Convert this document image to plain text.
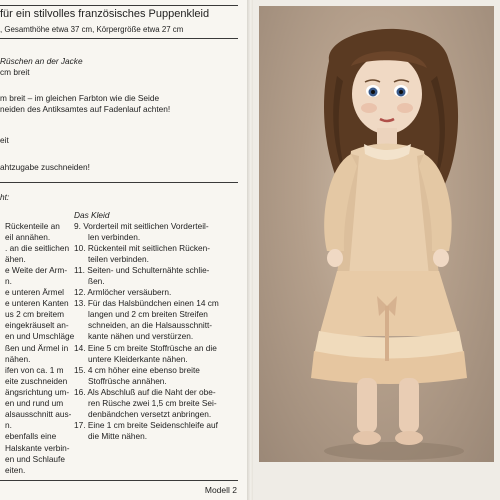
für ein stilvolles französisches Puppenkleid
, Gesamthöhe etwa 37 cm, Körpergröße etwa 27 cm
Rüschen an der Jacke
cm breit
m breit – im gleichen Farbton wie die Seide
neiden des Antiksamtes auf Fadenlauf achten!
eit
ahtzugabe zuschneiden!
ht:
Rückenteile an
eil annähen.
. an die seitlichen
ähen.
e Weite der Arm-
n.
e unteren Ärmel
e unteren Kanten
us 2 cm breitem
eingekräuselt an-
en und Umschläge
ßen und Ärmel in
nähen.
ifen von ca. 1 m
eite zuschneiden
ängsrichtung um-
en und rund um
alsausschnitt aus-
n.
ebenfalls eine
Halskante verbin-
en und Schlaufe
eiten.
Das Kleid
9. Vorderteil mit seitlichen Vorderteil-
len verbinden.
10. Rückenteil mit seitlichen Rücken-
teilen verbinden.
11. Seiten- und Schulternähte schlie-
ßen.
12. Armlöcher versäubern.
13. Für das Halsbündchen einen 14 cm
langen und 2 cm breiten Streifen
schneiden, an die Halsausschnitt-
kante nähen und verstürzen.
14. Eine 5 cm breite Stoffrüsche an die
untere Kleiderkante nähen.
15. 4 cm höher eine ebenso breite
Stoffrüsche annähen.
16. Als Abschluß auf die Naht der obe-
ren Rüsche zwei 1,5 cm breite Sei-
denbändchen versetzt anbringen.
17. Eine 1 cm breite Seidenschleife auf
die Mitte nähen.
Modell 2
